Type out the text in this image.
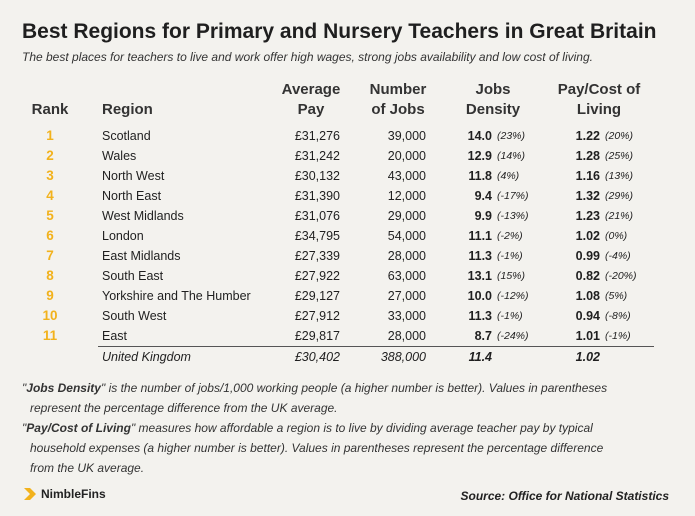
Best Regions for Primary and Nursery Teachers in Great Britain
The best places for teachers to live and work offer high wages, strong jobs availability and low cost of living.
Rank Region
Average
Pay
Number
of Jobs
Jobs
Density
Pay/Cost of
Living
1	Scotland	£31,276	39,000	14.0 (23%)	1.22 (20%)
2	Wales	£31,242	20,000	12.9 (14%)	1.28 (25%)
3	North West	£30,132	43,000	11.8 (4%)	1.16 (13%)
4	North East	£31,390	12,000	9.4 (-17%)	1.32 (29%)
5	West Midlands	£31,076	29,000	9.9 (-13%)	1.23 (21%)
6	London	£34,795	54,000	11.1 (-2%)	1.02 (0%)
7	East Midlands	£27,339	28,000	11.3 (-1%)	0.99 (-4%)
8	South East	£27,922	63,000	13.1 (15%)	0.82 (-20%)
9	Yorkshire and The Humber	£29,127	27,000	10.0 (-12%)	1.08 (5%)
10	South West	£27,912	33,000	11.3 (-1%)	0.94 (-8%)
11	East	£29,817	28,000	8.7 (-24%)	1.01 (-1%)
United Kingdom	£30,402	388,000	11.4	1.02
"Jobs Density" is the number of jobs/1,000 working people (a higher number is better). Values in parentheses
represent the percentage difference from the UK average.
"Pay/Cost of Living" measures how affordable a region is to live by dividing average teacher pay by typical
household expenses (a higher number is better). Values in parentheses represent the percentage difference
from the UK average.
NimbleFins	Source: Office for National Statistics
